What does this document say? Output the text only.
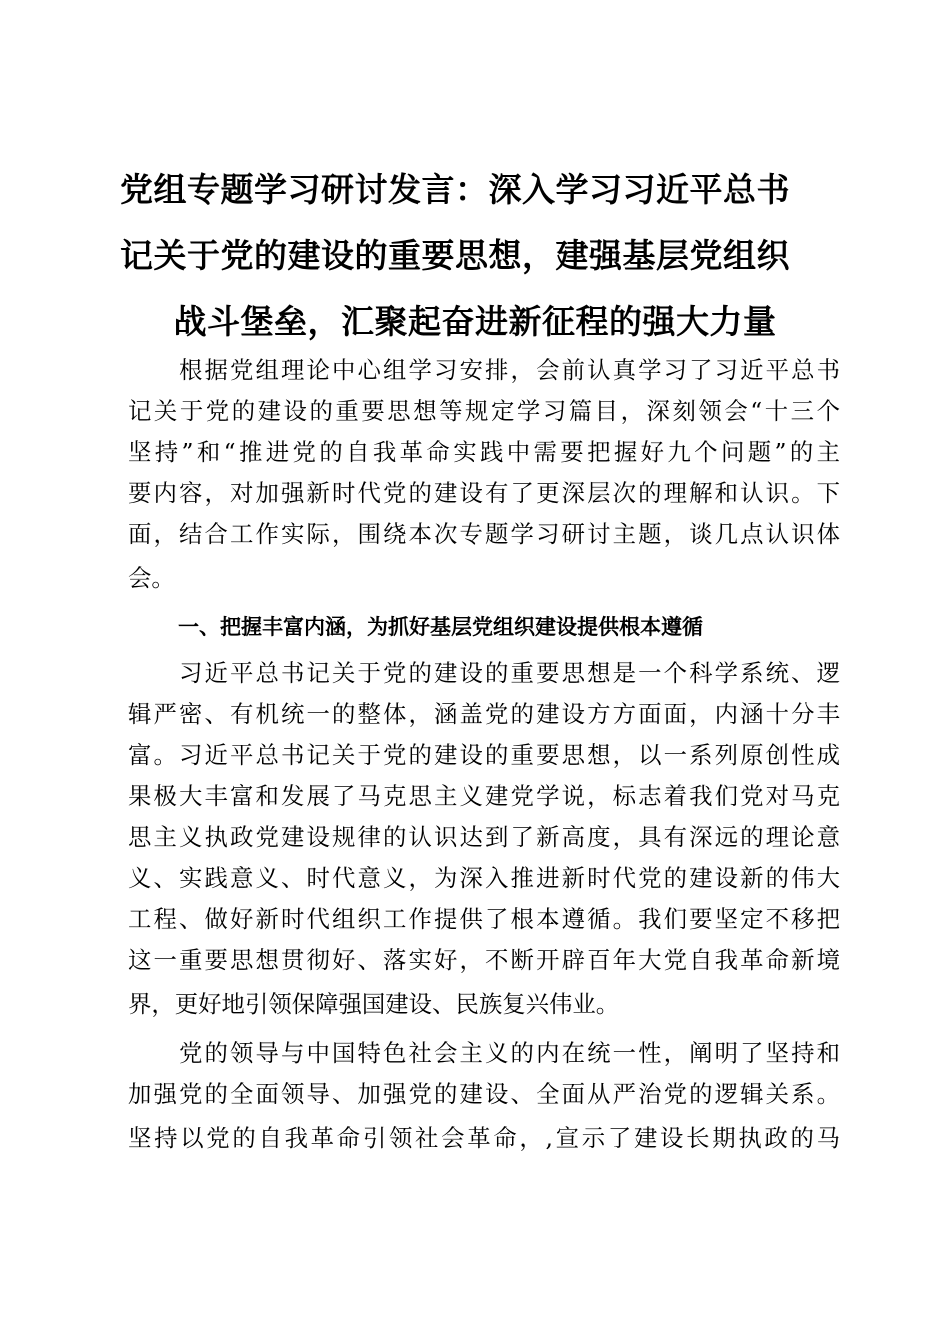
党组专题学习研讨发言：深入学习习近平总书
记关于党的建设的重要思想，建强基层党组织
战斗堡垒，汇聚起奋进新征程的强大力量
　　根据党组理论中心组学习安排，会前认真学习了习近平总书
记关于党的建设的重要思想等规定学习篇目，深刻领会“十三个
坚持”和“推进党的自我革命实践中需要把握好九个问题”的主
要内容，对加强新时代党的建设有了更深层次的理解和认识。下
面，结合工作实际，围绕本次专题学习研讨主题，谈几点认识体
会。
一、把握丰富内涵，为抓好基层党组织建设提供根本遵循
　　习近平总书记关于党的建设的重要思想是一个科学系统、逻
辑严密、有机统一的整体，涵盖党的建设方方面面，内涵十分丰
富。习近平总书记关于党的建设的重要思想，以一系列原创性成
果极大丰富和发展了马克思主义建党学说，标志着我们党对马克
思主义执政党建设规律的认识达到了新高度，具有深远的理论意
义、实践意义、时代意义，为深入推进新时代党的建设新的伟大
工程、做好新时代组织工作提供了根本遵循。我们要坚定不移把
这一重要思想贯彻好、落实好，不断开辟百年大党自我革命新境
界，更好地引领保障强国建设、民族复兴伟业。
　　党的领导与中国特色社会主义的内在统一性，阐明了坚持和
加强党的全面领导、加强党的建设、全面从严治党的逻辑关系。
坚持以党的自我革命引领社会革命，,宣示了建设长期执政的马
